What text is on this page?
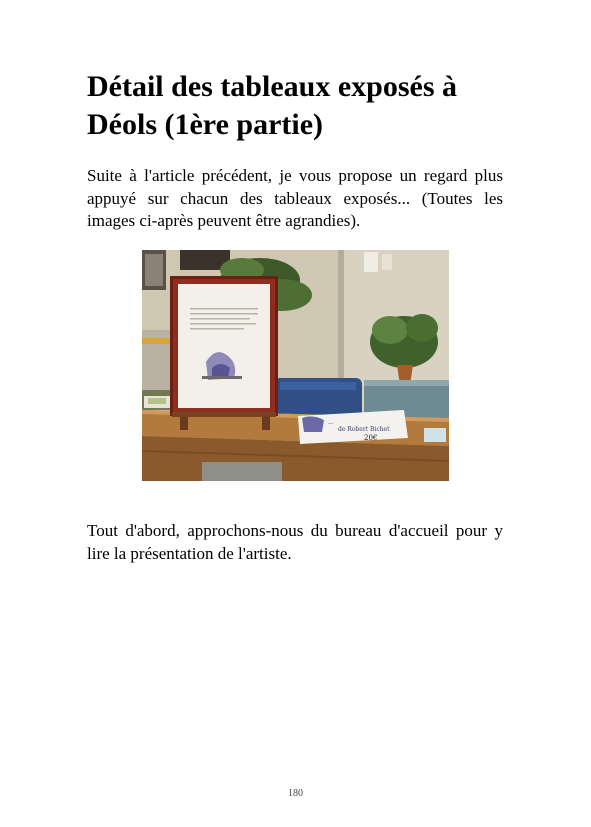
Détail des tableaux exposés à Déols (1ère partie)

Suite à l'article précédent, je vous propose un regard plus appuyé sur chacun des tableaux exposés... (Toutes les images ci-après peuvent être agrandies).

...
de Robert Bichet
20€

Tout d'abord, approchons-nous du bureau d'accueil pour y lire la présentation de l'artiste.

180
